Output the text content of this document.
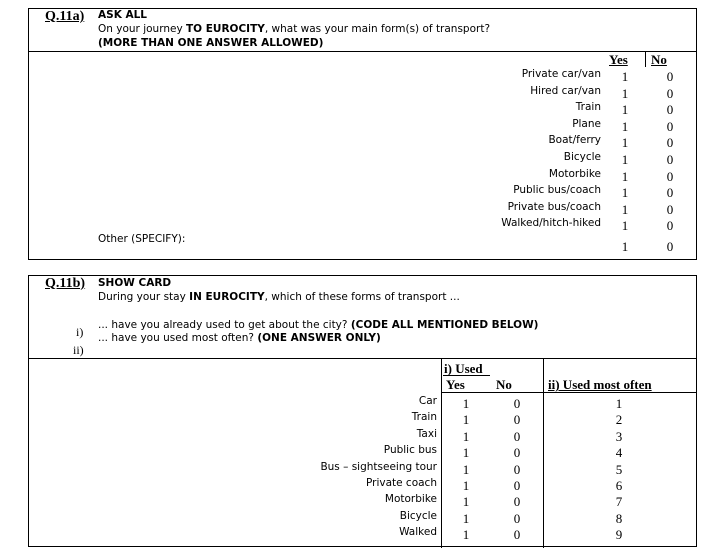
Q.11a) ASK ALL
On your journey TO EUROCITY, what was your main form(s) of transport?
(MORE THAN ONE ANSWER ALLOWED)
Yes No
Private car/van	1	0
Hired car/van	1	0
Train	1	0
Plane	1	0
Boat/ferry	1	0
Bicycle	1	0
Motorbike	1	0
Public bus/coach	1	0
Private bus/coach	1	0
Walked/hitch-hiked	1	0
Other (SPECIFY):	1	0
Q.11b) SHOW CARD
During your stay IN EUROCITY, which of these forms of transport ...
i) ... have you already used to get about the city? (CODE ALL MENTIONED BELOW)
ii)
... have you used most often? (ONE ANSWER ONLY)
i) Used
Yes No	ii) Used most often
Car	1	0	1
Train	1	0	2
Taxi	1	0	3
Public bus	1	0	4
Bus – sightseeing tour	1	0	5
Private coach	1	0	6
Motorbike	1	0	7
Bicycle	1	0	8
Walked	1	0	9
